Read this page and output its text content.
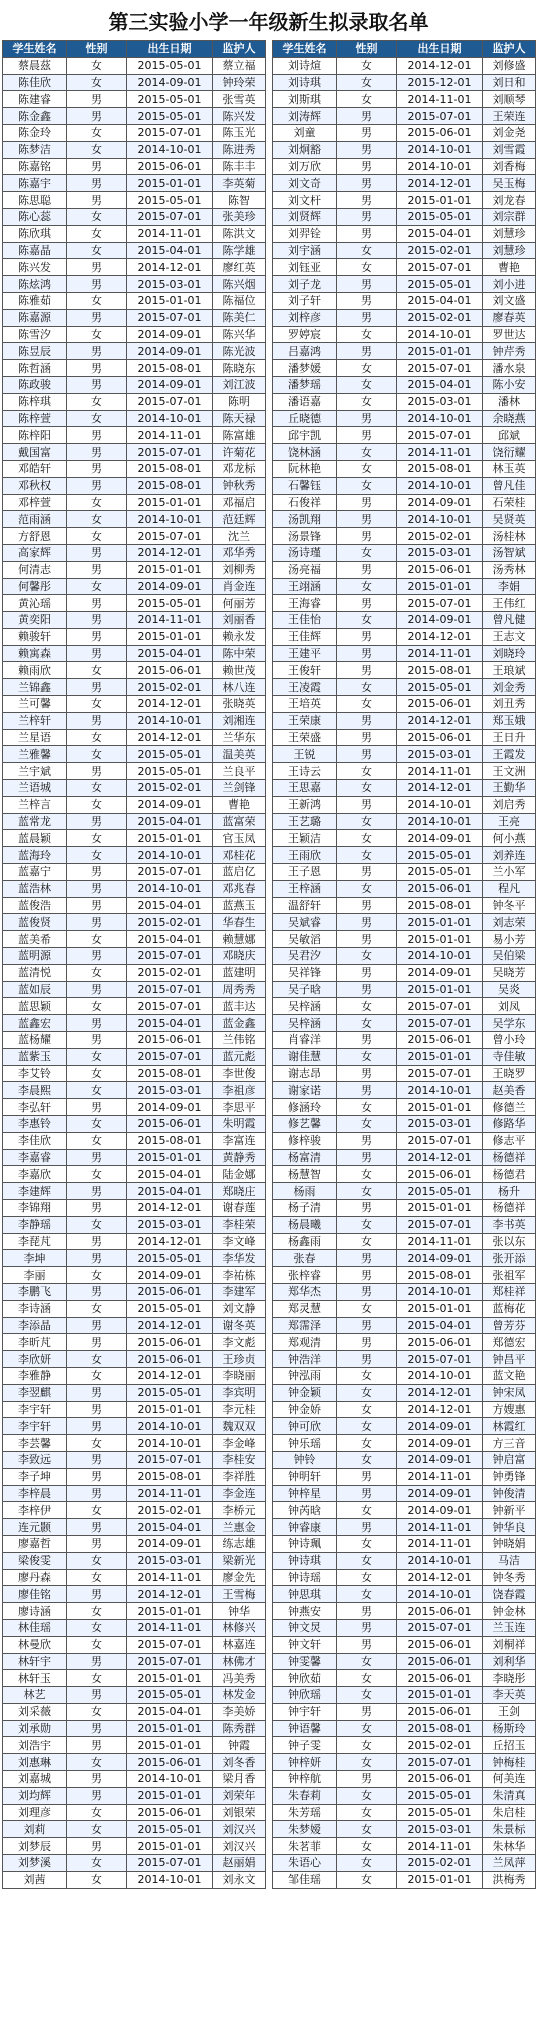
第三实验小学一年级新生拟录取名单
学生姓名	性别	出生日期	监护人
蔡晨茲	女	2015-05-01	蔡立福
陈佳欣	女	2014-09-01	钟玲荣
陈建睿	男	2015-05-01	张雪英
陈金鑫	男	2015-05-01	陈兴发
陈金玲	女	2015-07-01	陈玉光
陈梦洁	女	2014-10-01	陈进秀
陈嘉铭	男	2015-06-01	陈丰丰
陈嘉宇	男	2015-01-01	李英菊
陈思聪	男	2015-05-01	陈智
陈心蕊	女	2015-07-01	张美珍
陈欣琪	女	2014-11-01	陈洪文
陈嘉晶	女	2015-04-01	陈学雄
陈兴发	男	2014-12-01	廖红英
陈炫鸿	男	2015-03-01	陈兴烟
陈雅茹	女	2015-01-01	陈福位
陈嘉源	男	2015-07-01	陈美仁
陈雪汐	女	2014-09-01	陈兴华
陈昱辰	男	2014-09-01	陈光波
陈哲涵	男	2015-08-01	陈晓东
陈政骏	男	2014-09-01	刘江波
陈梓琪	女	2015-07-01	陈明
陈梓萱	女	2014-10-01	陈天禄
陈梓阳	男	2014-11-01	陈富雄
戴国富	男	2015-07-01	许菊花
邓皓轩	男	2015-08-01	邓龙标
邓秋权	男	2015-08-01	钟秋秀
邓梓萱	女	2015-01-01	邓福启
范雨涵	女	2014-10-01	范廷辉
方舒恩	女	2015-07-01	沈兰
高家辉	男	2014-12-01	邓华秀
何清志	男	2015-01-01	刘柳秀
何馨彤	女	2014-09-01	肖金连
黄沁瑶	男	2015-05-01	何丽芳
黄奕阳	男	2014-11-01	刘丽香
赖骏轩	男	2015-01-01	赖永发
赖寓森	男	2015-04-01	陈中荣
赖雨欣	女	2015-06-01	赖世茂
兰锦鑫	男	2015-02-01	林八连
兰可馨	女	2014-12-01	张晓英
兰梓轩	男	2014-10-01	刘湘连
兰星语	女	2014-12-01	兰华东
兰雅馨	女	2015-05-01	温美英
兰宇斌	男	2015-05-01	兰良平
兰语城	女	2015-02-01	兰剑锋
兰梓言	女	2014-09-01	曹艳
蓝常龙	男	2015-04-01	蓝富荣
蓝晨颖	女	2015-01-01	官玉凤
蓝海玲	女	2014-10-01	邓桂花
蓝嘉宁	男	2015-07-01	蓝启亿
蓝浩林	男	2014-10-01	邓兆春
蓝俊浩	男	2015-04-01	蓝燕玉
蓝俊贤	男	2015-02-01	华春生
蓝美希	女	2015-04-01	赖慧娜
蓝明源	男	2015-07-01	邓晓庆
蓝清悦	女	2015-02-01	蓝建明
蓝如辰	男	2015-07-01	周秀秀
蓝思颖	女	2015-07-01	蓝丰达
蓝鑫宏	男	2015-04-01	蓝金鑫
蓝杨耀	男	2015-06-01	兰伟铭
蓝紫玉	女	2015-07-01	蓝元彪
李艾铃	女	2015-08-01	李世俊
李晨熙	女	2015-03-01	李祖彦
李弘轩	男	2014-09-01	李思平
李惠铃	女	2015-06-01	朱明霞
李佳欣	女	2015-08-01	李富连
李嘉睿	男	2015-01-01	黄静秀
李嘉欣	女	2015-04-01	陆金娜
李建辉	男	2015-04-01	郑晓庄
李锦翔	男	2014-12-01	谢春莲
李静瑶	女	2015-03-01	李桂荣
李琵芃	男	2014-12-01	李文峰
李坤	男	2015-05-01	李华发
李丽	女	2014-09-01	李祐栋
李鹏飞	男	2015-06-01	李建军
李诗涵	女	2015-05-01	刘文静
李添晶	男	2014-12-01	谢冬英
李昕芃	男	2015-06-01	李文彪
李欣妍	女	2015-06-01	王珍贞
李雅静	女	2014-12-01	李晓丽
李翌麒	男	2015-05-01	李宾明
李宇轩	男	2015-01-01	李元桂
李宇轩	男	2014-10-01	魏双双
李芸馨	女	2014-10-01	李金峰
李致远	男	2015-07-01	李桂安
李子坤	男	2015-08-01	李祥胜
李梓晨	男	2014-11-01	李金连
李梓伊	女	2015-02-01	李桥元
连元颢	男	2015-04-01	兰惠金
廖嘉哲	男	2014-09-01	练志雄
梁俊雯	女	2015-03-01	梁新光
廖丹森	女	2014-11-01	廖金先
廖佳铭	男	2014-12-01	王雪梅
廖诗涵	女	2015-01-01	钟华
林佳瑶	女	2014-11-01	林修兴
林曼欣	女	2015-07-01	林嘉连
林轩宇	男	2015-07-01	林佛才
林轩玉	女	2015-01-01	冯美秀
林艺	男	2015-05-01	林发金
刘采薇	女	2015-04-01	李美娇
刘承勋	男	2015-01-01	陈秀群
刘浩宇	男	2015-01-01	钟霞
刘惠琳	女	2015-06-01	刘冬香
刘嘉城	男	2014-10-01	梁月香
刘均辉	男	2015-01-01	刘荣年
刘理彦	女	2015-06-01	刘银荣
刘莉	女	2015-05-01	刘汉兴
刘梦辰	男	2015-01-01	刘汉兴
刘梦溪	女	2015-07-01	赵丽娟
刘茜	女	2014-10-01	刘永文
学生姓名	性别	出生日期	监护人
刘诗煊	女	2014-12-01	刘修盛
刘诗琪	女	2015-12-01	刘日和
刘斯琪	女	2014-11-01	刘顺琴
刘涛辉	男	2015-07-01	王荣连
刘童	男	2015-06-01	刘金尧
刘炯豁	男	2014-10-01	刘雪霞
刘万欣	男	2014-10-01	刘香梅
刘文奇	男	2014-12-01	吴玉梅
刘文杆	男	2015-01-01	刘龙春
刘贤辉	男	2015-05-01	刘宗群
刘羿铨	男	2015-04-01	刘慧珍
刘宇涵	女	2015-02-01	刘慧珍
刘钰亚	女	2015-07-01	曹艳
刘子龙	男	2015-05-01	刘小进
刘子轩	男	2015-04-01	刘文盛
刘梓彦	男	2015-02-01	廖春英
罗婷宸	女	2014-10-01	罗世达
吕嘉鸿	男	2015-01-01	钟芹秀
潘梦媛	女	2015-07-01	潘水泉
潘梦瑶	女	2015-04-01	陈小安
潘语嘉	女	2015-03-01	潘林
丘晓德	男	2014-10-01	余晓燕
邱宇凯	男	2015-07-01	邱斌
饶林涵	女	2014-11-01	饶衍耀
阮林艳	女	2015-08-01	林玉英
石馨钰	女	2014-10-01	曾凡佳
石俊祥	男	2014-09-01	石荣桂
汤凯翔	男	2014-10-01	吴贤英
汤景锋	男	2015-02-01	汤桂林
汤诗瑾	女	2015-03-01	汤智斌
汤亮福	男	2015-06-01	汤秀林
王翊涵	女	2015-01-01	李娟
王海睿	男	2015-07-01	王伟红
王佳怡	女	2014-09-01	曾凡健
王佳辉	男	2014-12-01	王志文
王建平	男	2014-11-01	刘晓玲
王俊轩	男	2015-08-01	王琅斌
王凌霞	女	2015-05-01	刘金秀
王培英	女	2015-06-01	刘丑秀
王荣康	男	2014-12-01	郑玉娥
王荣盛	男	2015-06-01	王日升
王锐	男	2015-03-01	王霞发
王诗云	女	2014-11-01	王文洲
王思嘉	女	2014-12-01	王勤华
王新鸿	男	2014-10-01	刘启秀
王艺璐	女	2014-10-01	王亮
王颖洁	女	2014-09-01	何小燕
王雨欣	女	2015-05-01	刘养连
王子恩	男	2015-05-01	兰小军
王梓涵	女	2015-06-01	程凡
温舒轩	男	2015-08-01	钟冬平
吴斌睿	男	2015-01-01	刘志荣
吴敏滔	男	2015-01-01	易小芳
吴君汐	女	2014-10-01	吴伯梁
吴祥锋	男	2014-09-01	吴晓芳
吴子晗	男	2015-01-01	吴炎
吴梓涵	女	2015-07-01	刘凤
吴梓涵	女	2015-07-01	吴学东
肖睿洋	男	2015-06-01	曾小玲
谢佳慧	女	2015-01-01	寺佳敏
谢志昂	男	2015-07-01	王晓罗
谢家诺	男	2014-10-01	赵美香
修涵玲	女	2015-01-01	修德兰
修艺馨	女	2015-03-01	修路华
修梓骏	男	2015-07-01	修志平
杨富清	男	2014-12-01	杨德祥
杨慧智	女	2015-06-01	杨德君
杨雨	女	2015-05-01	杨升
杨子清	男	2015-01-01	杨德祥
杨晨曦	女	2015-07-01	李书英
杨鑫雨	女	2014-11-01	张以东
张春	男	2014-09-01	张开添
张梓睿	男	2015-08-01	张祖军
郑华杰	男	2014-10-01	郑桂祥
郑灵慧	女	2015-01-01	蓝梅花
郑霈泽	男	2015-04-01	曾芳芬
郑观清	男	2015-06-01	郑德宏
钟浩洋	男	2015-07-01	钟昌平
钟泓雨	女	2014-10-01	蓝文艳
钟金颖	女	2014-12-01	钟宋凤
钟金娇	女	2014-12-01	方嫂惠
钟可欣	女	2014-09-01	林霞红
钟乐瑶	女	2014-09-01	方三音
钟铃	女	2014-09-01	钟启富
钟明轩	男	2014-11-01	钟勇锋
钟梓星	男	2014-09-01	钟俊清
钟芮晗	女	2014-09-01	钟新平
钟睿康	男	2014-11-01	钟华良
钟诗珮	女	2014-11-01	钟晓娟
钟诗琪	女	2014-10-01	马洁
钟诗瑶	女	2014-12-01	钟冬秀
钟思琪	女	2014-10-01	饶春霞
钟燕安	男	2015-06-01	钟金林
钟文炅	男	2015-07-01	兰玉连
钟文轩	男	2015-06-01	刘桐祥
钟雯馨	女	2015-06-01	刘利华
钟欣茹	女	2015-06-01	李晓彤
钟欣瑶	女	2015-01-01	李天英
钟宇轩	男	2015-06-01	王剑
钟语馨	女	2015-08-01	杨斯玲
钟子雯	女	2015-02-01	丘招玉
钟梓妍	女	2015-07-01	钟梅桂
钟梓航	男	2015-06-01	何美连
朱春莉	女	2015-05-01	朱清真
朱芳瑶	女	2015-05-01	朱启桂
朱梦嫒	女	2015-03-01	朱景标
朱茗菲	女	2014-11-01	朱林华
朱语心	女	2015-02-01	兰凤萍
邹佳瑶	女	2015-01-01	洪梅秀
